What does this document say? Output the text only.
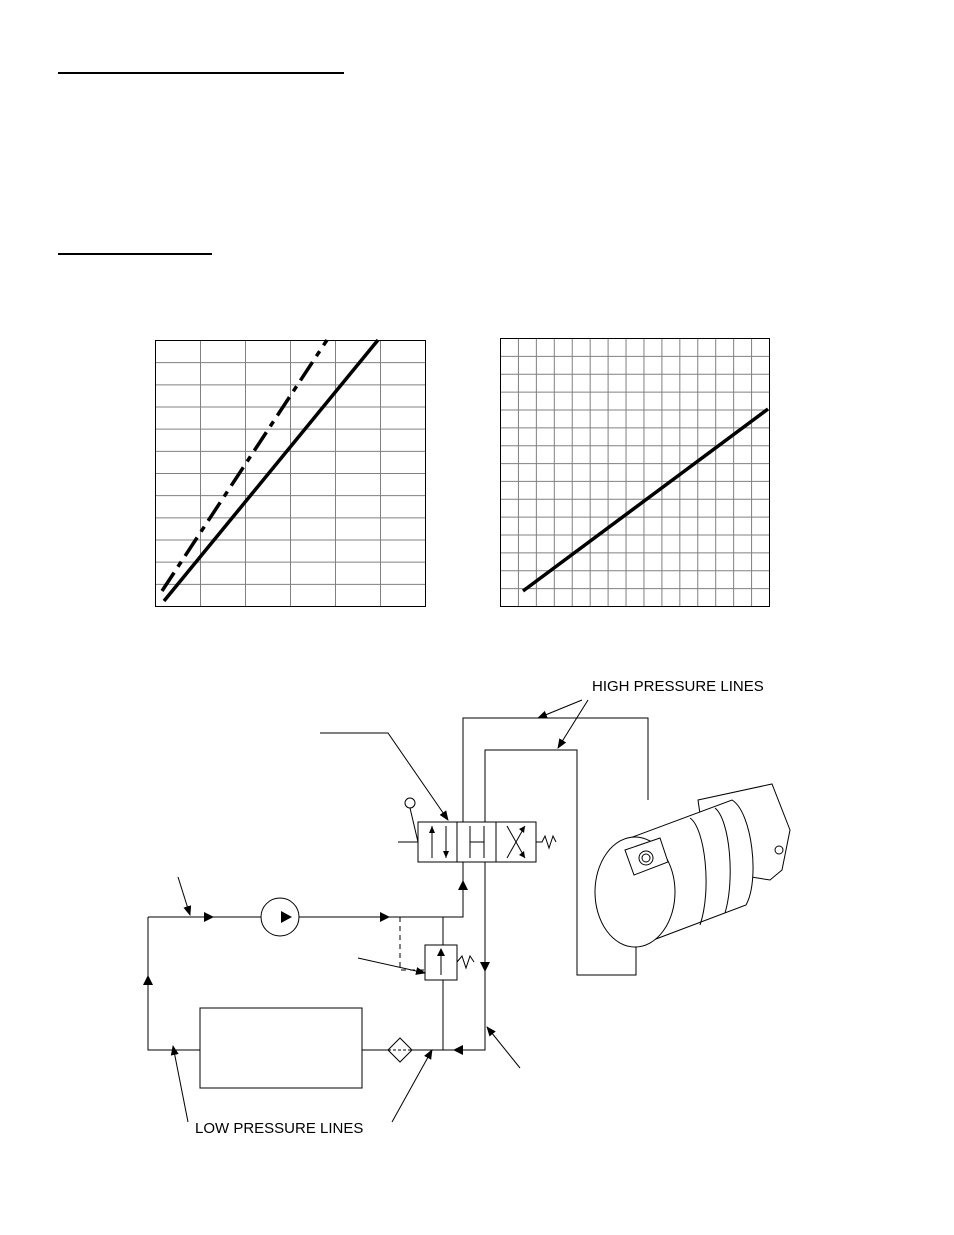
HIGH PRESSURE LINES
LOW PRESSURE LINES
